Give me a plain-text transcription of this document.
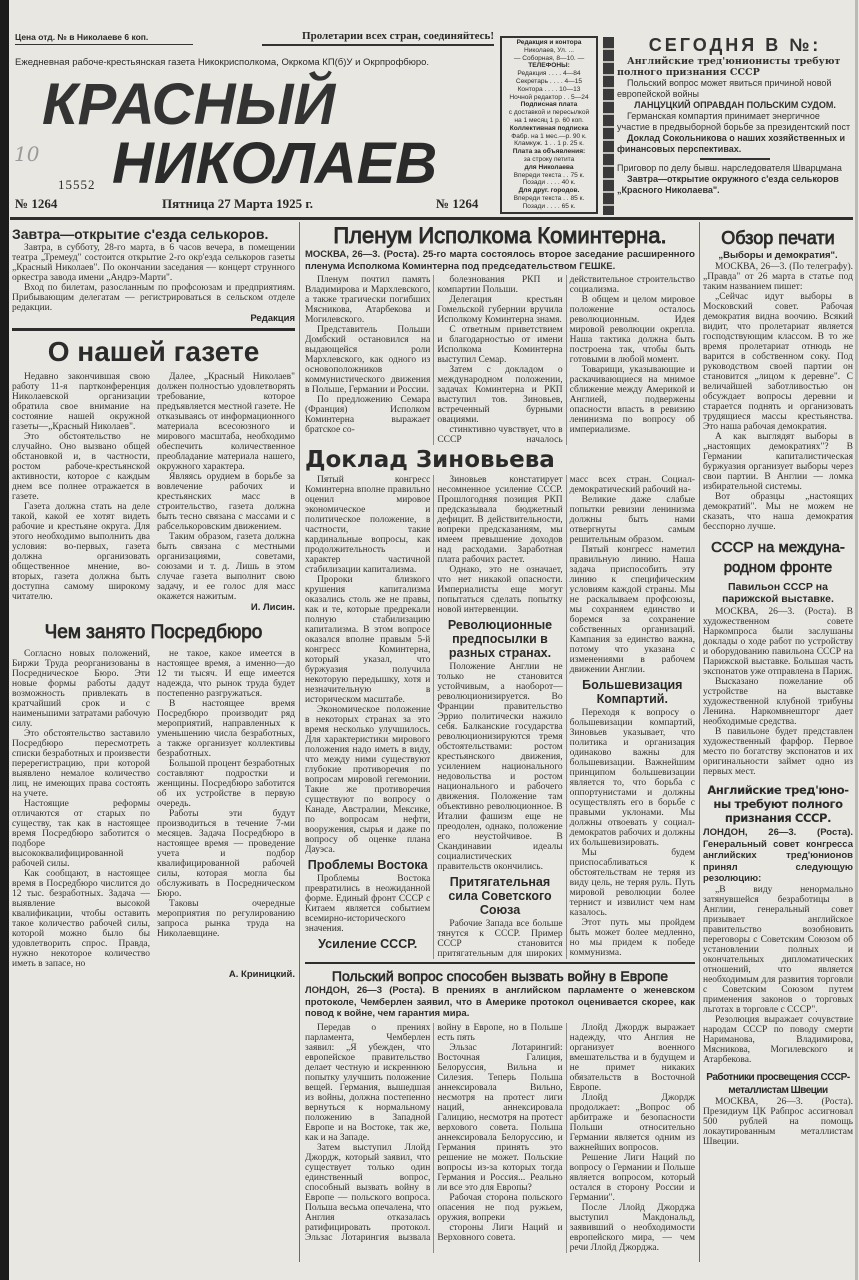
Цена отд. № в Николаеве 6 коп.	Пролетарии всех стран, соединяйтесь!
Ежедневная рабоче-крестьянская газета Никокрисполкома, Окркома КП(б)У и Окрпрофбюро.
КРАСНЫЙ
НИКОЛАЕВ
15552
10
№ 1264	Пятница 27 Марта 1925 г.	№ 1264
Редакция и контора
Николаев, Ул. ...
— Соборная, 8—10. —
ТЕЛЕФОНЫ:
Редакция . . . . 4—84
Секретарь . . . . 4—15
Контора . . . . 10—13
Ночной редактор . . 5—24
Подписная плата
с доставкой и пересылкой
на 1 месяц 1 р. 60 коп.
Коллективная подписка
Фабр. на 1 мес.—р. 90 к.
Кламкуж. 1 . . 1 р. 25 к.
Плата за объявления:
за строку петита
для Николаева
Впереди текста . . 75 к.
Позади . . . . 40 к.
Для друг. городов.
Впереди текста . . 85 к.
Позади . . . . 65 к.
СЕГОДНЯ В №:
Английские тред'юнионисты требуют полного признания СССР
Польский вопрос может явиться причиной новой европейской войны
ЛАНЦУЦКИЙ ОПРАВДАН ПОЛЬСКИМ СУДОМ.
Германская компартия принимает энергичное участие в предвыборной борьбе за президентский пост
Доклад Сокольникова о наших хозяйственных и финансовых перспективах.
Приговор по делу бывш. нарследователя Шварцмана
Завтра—открытие окружного с'езда селькоров „Красного Николаева".
Завтра—открытие с'езда селькоров.

Завтра, в субботу, 28-го марта, в 6 часов вечера, в помещении театра „Тремеуд" состоится открытие 2-го окр'езда селькоров газеты „Красный Николаев". По окончании заседания — концерт струнного оркестра завода имени „Андрэ-Марти".

Вход по билетам, разосланным по профсоюзам и предприятиям. Прибывающим делегатам — регистрироваться в сельском отделе редакции.

Редакция
О нашей газете

Недавно закончившая свою работу 11-я партконференция Николаевской организации обратила свое внимание на состояние нашей окружной газеты—„Красный Николаев".

Это обстоятельство не случайно. Оно вызвано общей обстановкой и, в частности, ростом рабоче-крестьянской активности, которое с каждым днем все полнее отражается в газете.

Газета должна стать на деле такой, какой ее хотят видеть рабочие и крестьяне округа. Для этого необходимо выполнить два условия: во-первых, газета должна организовать общественное мнение, во-вторых, газета должна быть доступна самому широкому читателю.

Далее, „Красный Николаев" должен полностью удовлетворять требование, которое предъявляется местной газете. Не отказываясь от информационного материала всесоюзного и мирового масштаба, необходимо обеспечить количественное преобладание материала нашего, окружного характера.

Являясь орудием в борьбе за вовлечение рабочих и крестьянских масс в строительство, газета должна быть тесно связана с массами и с рабселькоровским движением.

Таким образом, газета должна быть связана с местными организациями, советами, союзами и т. д. Лишь в этом случае газета выполнит свою задачу, и ее голос для масс окажется нажитым.

И. Лисин.
Чем занято Посредбюро

Согласно новых положений, Биржи Труда реорганизованы в Посредническое Бюро. Эти новые формы работы дадут возможность привлекать в кратчайший срок и с наименьшими затратами рабочую силу.

Это обстоятельство заставило Посредбюро пересмотреть списки безработных и произвести перерегистрацию, при которой выявлено немалое количество лиц, не имеющих права состоять на учете.

Настоящие реформы отличаются от старых по существу, так как в настоящее время Посредбюро заботится о подборе высококвалифицированной рабочей силы.

Как сообщают, в настоящее время в Посредбюро числится до 12 тыс. безработных. Задача — выявление высокой квалификации, чтобы оставить такое количество рабочей силы, которой можно было бы удовлетворить спрос. Правда, нужно некоторое количество иметь в запасе, но

не такое, какое имеется в настоящее время, а именно—до 12 ти тысяч. И еще имеется надежда, что рынок труда будет постепенно разгружаться.

В настоящее время Посредбюро производит ряд мероприятий, направленных к уменьшению числа безработных, а также организует коллективы безработных.

Большой процент безработных составляют подростки и женщины. Посредбюро заботится об их устройстве в первую очередь.

Работы эти будут производиться в течение 7-ми месяцев. Задача Посредбюро в настоящее время — проведение учета и подбор квалифицированной рабочей силы, которая могла бы обслуживать в Посредническом Бюро.

Таковы очередные мероприятия по регулированию запроса рынка труда на Николаевщине.

А. Криницкий.
Пленум Исполкома Коминтерна.
МОСКВА, 26—3. (Роста). 25-го марта состоялось второе заседание расширенного пленума Исполкома Коминтерна под председательством ГЕШКЕ.

Пленум почтил память Владимирова и Мархлевского, а также трагически погибших Мясникова, Атарбекова и Могилевского.

Представитель Польши Домбский остановился на выдающейся роли Мархлевского, как одного из основоположников коммунистического движения в Польше, Германии и России.

По предложению Семара (Франция) Исполком Коминтерна выражает братское со-

болезнования РКП и компартии Польши.

Делегация крестьян Гомельской губернии вручила Исполкому Коминтерна знамя.

С ответным приветствием и благодарностью от имени Исполкома Коминтерна выступил Семар.

Затем с докладом о международном положении, задачах Коминтерна и РКП выступил тов. Зиновьев, встреченный бурными овациями.

стинктивно чувствует, что в СССР началось действительное строительство социализма.

В общем и целом мировое положение осталось революционным. Идея мировой революции окрепла. Наша тактика должна быть построена так, чтобы быть готовыми в любой момент.

Товарищи, указывающие и раскачивающиеся на мнимое сближение между Америкой и Англией, подвержены опасности впасть в ревизию ленинизма по вопросу об империализме.

Доклад Зиновьева

Пятый конгресс Коминтерна вполне правильно оценил мировое экономическое и политическое положение, в частности, такие кардинальные вопросы, как продолжительность и характер частичной стабилизации капитализма.

Пророки близкого крушения капитализма оказались столь же не правы, как и те, которые предрекали полную стабилизацию капитализма. В этом вопросе оказался вполне правым 5-й конгресс Коминтерна, который указал, что буржуазия получила некоторую передышку, хотя и незначительную в историческом масштабе.

Экономическое положение в некоторых странах за это время несколько улучшилось. Для характеристики мирового положения надо иметь в виду, что между ними существуют глубокие противоречия по вопросам мировой гегемонии. Такие же противоречия существуют по вопросу о Канаде, Австралии, Мексике, по вопросам нефти, вооружения, сырья и даже по вопросу об оценке плана Дауэса.

Проблемы Востока

Проблемы Востока превратились в неожиданной форме. Единый фронт СССР с Китаем является событием всемирно-исторического значения.

Усиление СССР.

Зиновьев констатирует несомненное усиление СССР. Прошлогодняя позиция РКП предсказывала бюджетный дефицит. В действительности, вопреки предсказаниям, мы имеем превышение доходов над расходами. Заработная плата рабочих растет.

Однако, это не означает, что нет никакой опасности. Империалисты еще могут попытаться сделать попытку новой интервенции.

Революционные предпосылки в разных странах.

Положение Англии не только не становится устойчивым, а наоборот—революционизируется. Во Франции правительство Эррио политически нажило себя. Балканские государства революционизируются тремя обстоятельствами: ростом крестьянского движения, усилением национального недовольства и ростом национального и рабочего движения. Положение там объективно революционное. В Италии фашизм еще не преодолен, однако, положение его неустойчивое. В Скандинавии идеалы социалистических правительств окончились.

Притягательная сила Советского Союза

Рабочие Запада все больше тянутся к СССР. Пример СССР становится притягательным для широких масс всех стран. Социал-демократический рабочий на-

Великие даже слабые попытки ревизии ленинизма должны быть нами отвергнуты самым решительным образом.

Пятый конгресс наметил правильную линию. Наша задача приспособить эту линию к специфическим условиям каждой страны. Мы не раскалываем профсоюзы, мы сохраняем единство и боремся за сохранение собственных организаций. Кампания за единство важна, потому что указана с изменениями в рабочем движении Англии.

Большевизация Компартий.

Переходя к вопросу о большевизации компартий, Зиновьев указывает, что политика и организация одинаково важны для большевизации. Важнейшим принципом большевизации является то, что борьба с оппортунистами и должны осуществлять его в борьбе с правыми уклонами. Мы должны отвоевать у социал-демократов рабочих и должны их большевизировать.

Мы будем приспосабливаться к обстоятельствам не теряя из виду цель, не теряя руль. Путь мировой революции более тернист и извилист чем нам казалось.

Этот путь мы пройдем быть может более медленно, но мы придем к победе коммунизма.

Польский вопрос способен вызвать войну в Европе
ЛОНДОН, 26—3 (Роста). В прениях в английском парламенте о женевском протоколе, Чемберлен заявил, что в Америке протокол оценивается скорее, как повод к войне, чем гарантия мира.

Передав о прениях парламента, Чемберлен заявил: „Я убежден, что европейское правительство делает честную и искреннюю попытку улучшить положение вещей. Германия, вышедшая из войны, должна постепенно вернуться к нормальному положению в Западной Европе и на Востоке, так же, как и на Западе.

Затем выступил Ллойд Джордж, который заявил, что существует только один единственный вопрос, способный вызвать войну в Европе — польского вопроса. Польша весьма опечалена, что Англия отказалась ратифицировать протокол. Эльзас Лотарингия вызвала войну в Европе, но в Польше есть пять

Эльзас Лотарингий: Восточная Галиция, Белоруссия, Вильна и Силезия. Теперь Польша аннексировала Вильно, несмотря на протест лиги наций, аннексировала Галицию, несмотря на протест верхового совета. Польша аннексировала Белоруссию, и Германия принять это решение не может. Польские вопросы из-за которых тогда Германия и Россия... Реально ли все это для Европы?

Рабочая сторона польского опасения не под ружьем, оружия, вопреки

стороны Лиги Наций и Верховного совета.

Ллойд Джордж выражает надежду, что Англия не организует военного вмешательства и в будущем и не примет никаких обязательств в Восточной Европе.

Ллойд Джордж продолжает: „Вопрос об арбитраже и безопасности Польши относительно Германии является одним из важнейших вопросов.

Решение Лиги Наций по вопросу о Германии и Польше является вопросом, который остался в сторону России и Германии".

После Ллойд Джорджа выступил Макдональд, заявивший о необходимости европейского мира, — чем речи Ллойд Джорджа.

Обзор печати
„Выборы и демократия".

МОСКВА, 26—3. (По телеграфу). „Правда" от 26 марта в статье под таким названием пишет:

„Сейчас идут выборы в Московский совет. Рабочая демократия видна воочию. Всякий видит, что пролетариат является господствующим классом. В то же время пролетариат отнюдь не варится в собственном соку. Под руководством своей партии он становится „лицом к деревне". С величайшей заботливостью он обсуждает вопросы деревни и старается поднять и организовать трудящиеся массы крестьянства. Это наша рабочая демократия.

А как выглядят выборы в „настоящих демократиях"? В Германии капиталистическая буржуазия организует выборы через свои партии. В Англии — ломка избирательной системы.

Вот образцы „настоящих демократий". Мы не можем не сказать, что наша демократия бесспорно лучше.

СССР на междуна-
родном фронте
Павильон СССР на парижской выставке.

МОСКВА, 26—3. (Роста). В художественном совете Наркомпроса были заслушаны доклады о ходе работ по устройству и оборудованию павильона СССР на Парижской выставке. Большая часть экспонатов уже отправлена в Париж.

Высказано пожелание об устройстве на выставке художественной клубной трибуны Ленина. Наркомвнешторг дает необходимые средства.

В павильоне будет представлен художественный фарфор. Первое место по богатству экспонатов и их оригинальности займет одно из первых мест.

Английские тред'юно-
ны требуют полного
признания СССР.
ЛОНДОН, 26—3. (Роста). Генеральный совет конгресса английских тред'юнионов принял следующую резолюцию:

„В виду ненормально затянувшейся безработицы в Англии, генеральный совет призывает английское правительство возобновить переговоры с Советским Союзом об установлении полных и окончательных дипломатических отношений, что является необходимым для развития торговли с Советским Союзом путем применения законов о торговых льготах в торговле с СССР".

Резолюция выражает сочувствие народам СССР по поводу смерти Нариманова, Владимирова, Мясникова, Могилевского и Атарбекова.

Работники просвещения СССР-
металлистам Швеции

МОСКВА, 26—3. (Роста). Президиум ЦК Рабпрос ассигновал 500 рублей на помощь локаутированным металлистам Швеции.
